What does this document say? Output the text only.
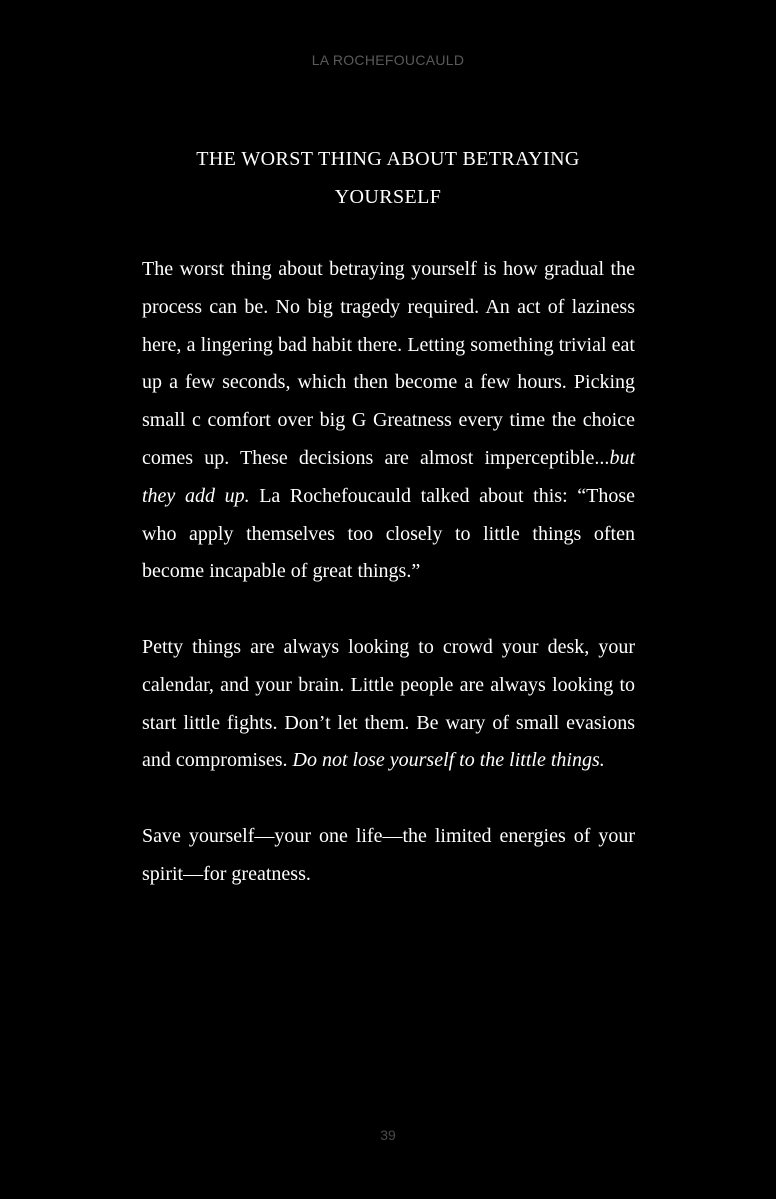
LA ROCHEFOUCAULD
THE WORST THING ABOUT BETRAYING
YOURSELF

The worst thing about betraying yourself is how gradual the process can be. No big tragedy required. An act of laziness here, a lingering bad habit there. Letting something trivial eat up a few seconds, which then become a few hours. Picking small c comfort over big G Greatness every time the choice comes up. These decisions are almost imperceptible...but they add up. La Rochefoucauld talked about this: “Those who apply themselves too closely to little things often become incapable of great things.”

Petty things are always looking to crowd your desk, your calendar, and your brain. Little people are always looking to start little fights. Don’t let them. Be wary of small evasions and compromises. Do not lose yourself to the little things.

Save yourself—your one life—the limited energies of your spirit—for greatness.

39
